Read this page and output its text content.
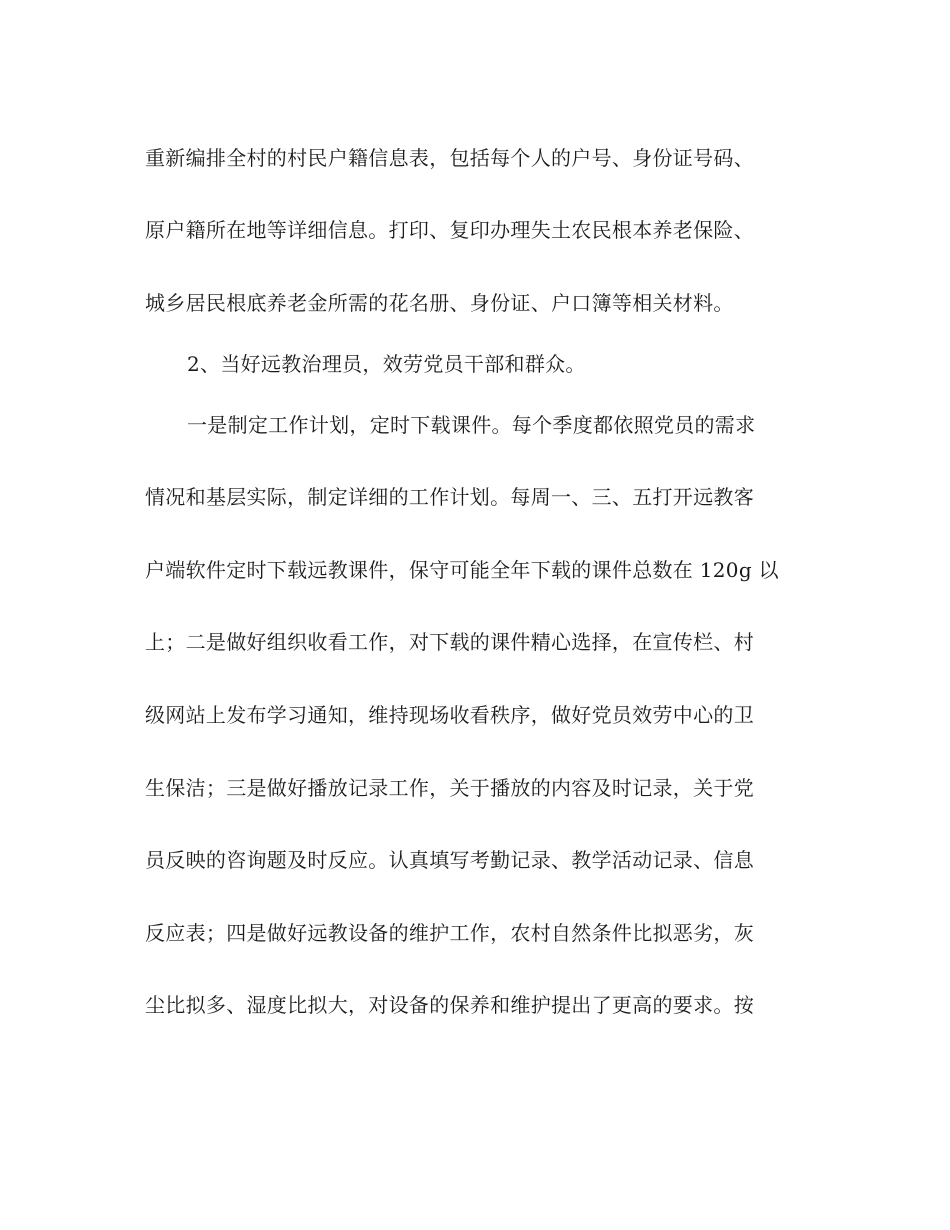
重新编排全村的村民户籍信息表，包括每个人的户号、身份证号码、
原户籍所在地等详细信息。打印、复印办理失土农民根本养老保险、
城乡居民根底养老金所需的花名册、身份证、户口簿等相关材料。
2、当好远教治理员，效劳党员干部和群众。
一是制定工作计划，定时下载课件。每个季度都依照党员的需求
情况和基层实际，制定详细的工作计划。每周一、三、五打开远教客
户端软件定时下载远教课件，保守可能全年下载的课件总数在 120g 以
上；二是做好组织收看工作，对下载的课件精心选择，在宣传栏、村
级网站上发布学习通知，维持现场收看秩序，做好党员效劳中心的卫
生保洁；三是做好播放记录工作，关于播放的内容及时记录，关于党
员反映的咨询题及时反应。认真填写考勤记录、教学活动记录、信息
反应表；四是做好远教设备的维护工作，农村自然条件比拟恶劣，灰
尘比拟多、湿度比拟大，对设备的保养和维护提出了更高的要求。按
